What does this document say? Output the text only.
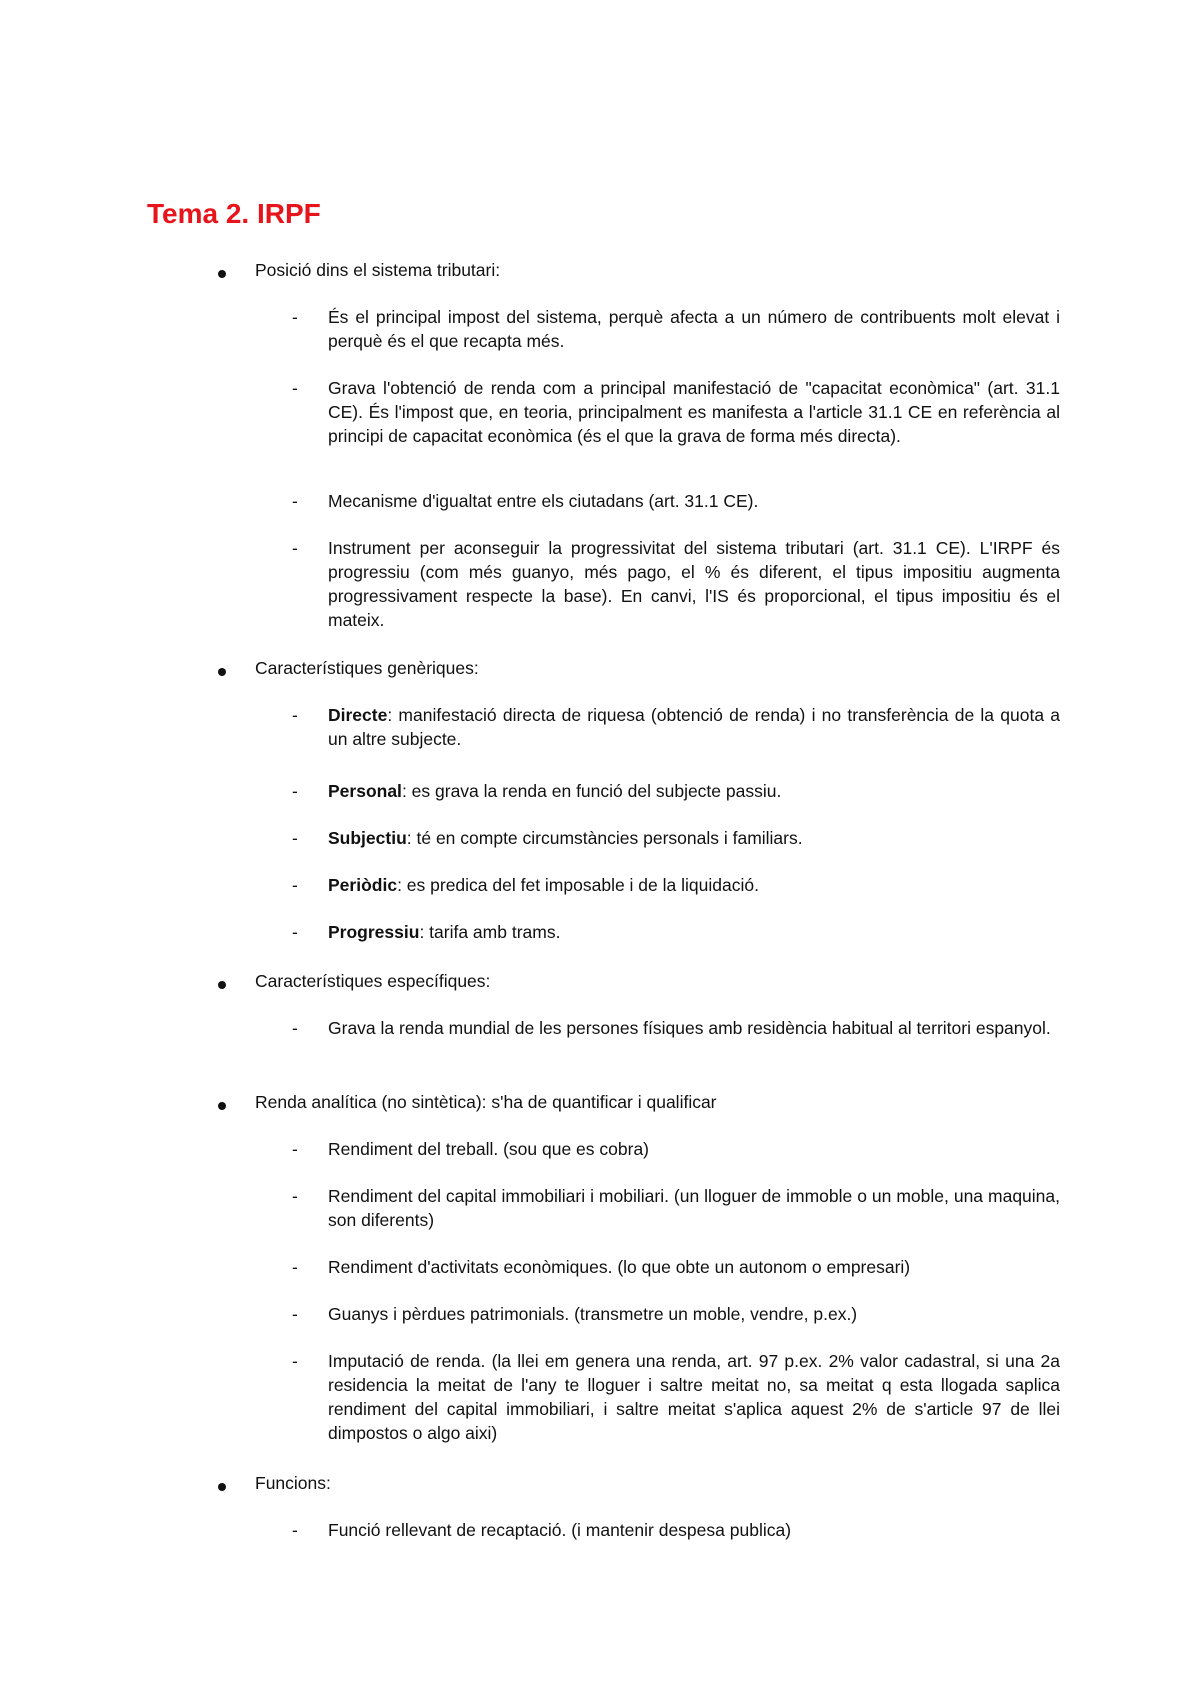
Tema 2. IRPF
Posició dins el sistema tributari:
- És el principal impost del sistema, perquè afecta a un número de contribuents molt elevat i perquè és el que recapta més.
- Grava l'obtenció de renda com a principal manifestació de "capacitat econòmica" (art. 31.1 CE). És l'impost que, en teoria, principalment es manifesta a l'article 31.1 CE en referència al principi de capacitat econòmica (és el que la grava de forma més directa).
- Mecanisme d'igualtat entre els ciutadans (art. 31.1 CE).
- Instrument per aconseguir la progressivitat del sistema tributari (art. 31.1 CE). L'IRPF és progressiu (com més guanyo, més pago, el % és diferent, el tipus impositiu augmenta progressivament respecte la base). En canvi, l'IS és proporcional, el tipus impositiu és el mateix.
Característiques genèriques:
- Directe: manifestació directa de riquesa (obtenció de renda) i no transferència de la quota a un altre subjecte.
- Personal: es grava la renda en funció del subjecte passiu.
- Subjectiu: té en compte circumstàncies personals i familiars.
- Periòdic: es predica del fet imposable i de la liquidació.
- Progressiu: tarifa amb trams.
Característiques específiques:
- Grava la renda mundial de les persones físiques amb residència habitual al territori espanyol.
Renda analítica (no sintètica): s'ha de quantificar i qualificar
- Rendiment del treball. (sou que es cobra)
- Rendiment del capital immobiliari i mobiliari. (un lloguer de immoble o un moble, una maquina, son diferents)
- Rendiment d'activitats econòmiques. (lo que obte un autonom o empresari)
- Guanys i pèrdues patrimonials. (transmetre un moble, vendre, p.ex.)
- Imputació de renda. (la llei em genera una renda, art. 97 p.ex. 2% valor cadastral, si una 2a residencia la meitat de l'any te lloguer i saltre meitat no, sa meitat q esta llogada saplica rendiment del capital immobiliari, i saltre meitat s'aplica aquest 2% de s'article 97 de llei dimpostos o algo aixi)
Funcions:
- Funció rellevant de recaptació. (i mantenir despesa publica)
